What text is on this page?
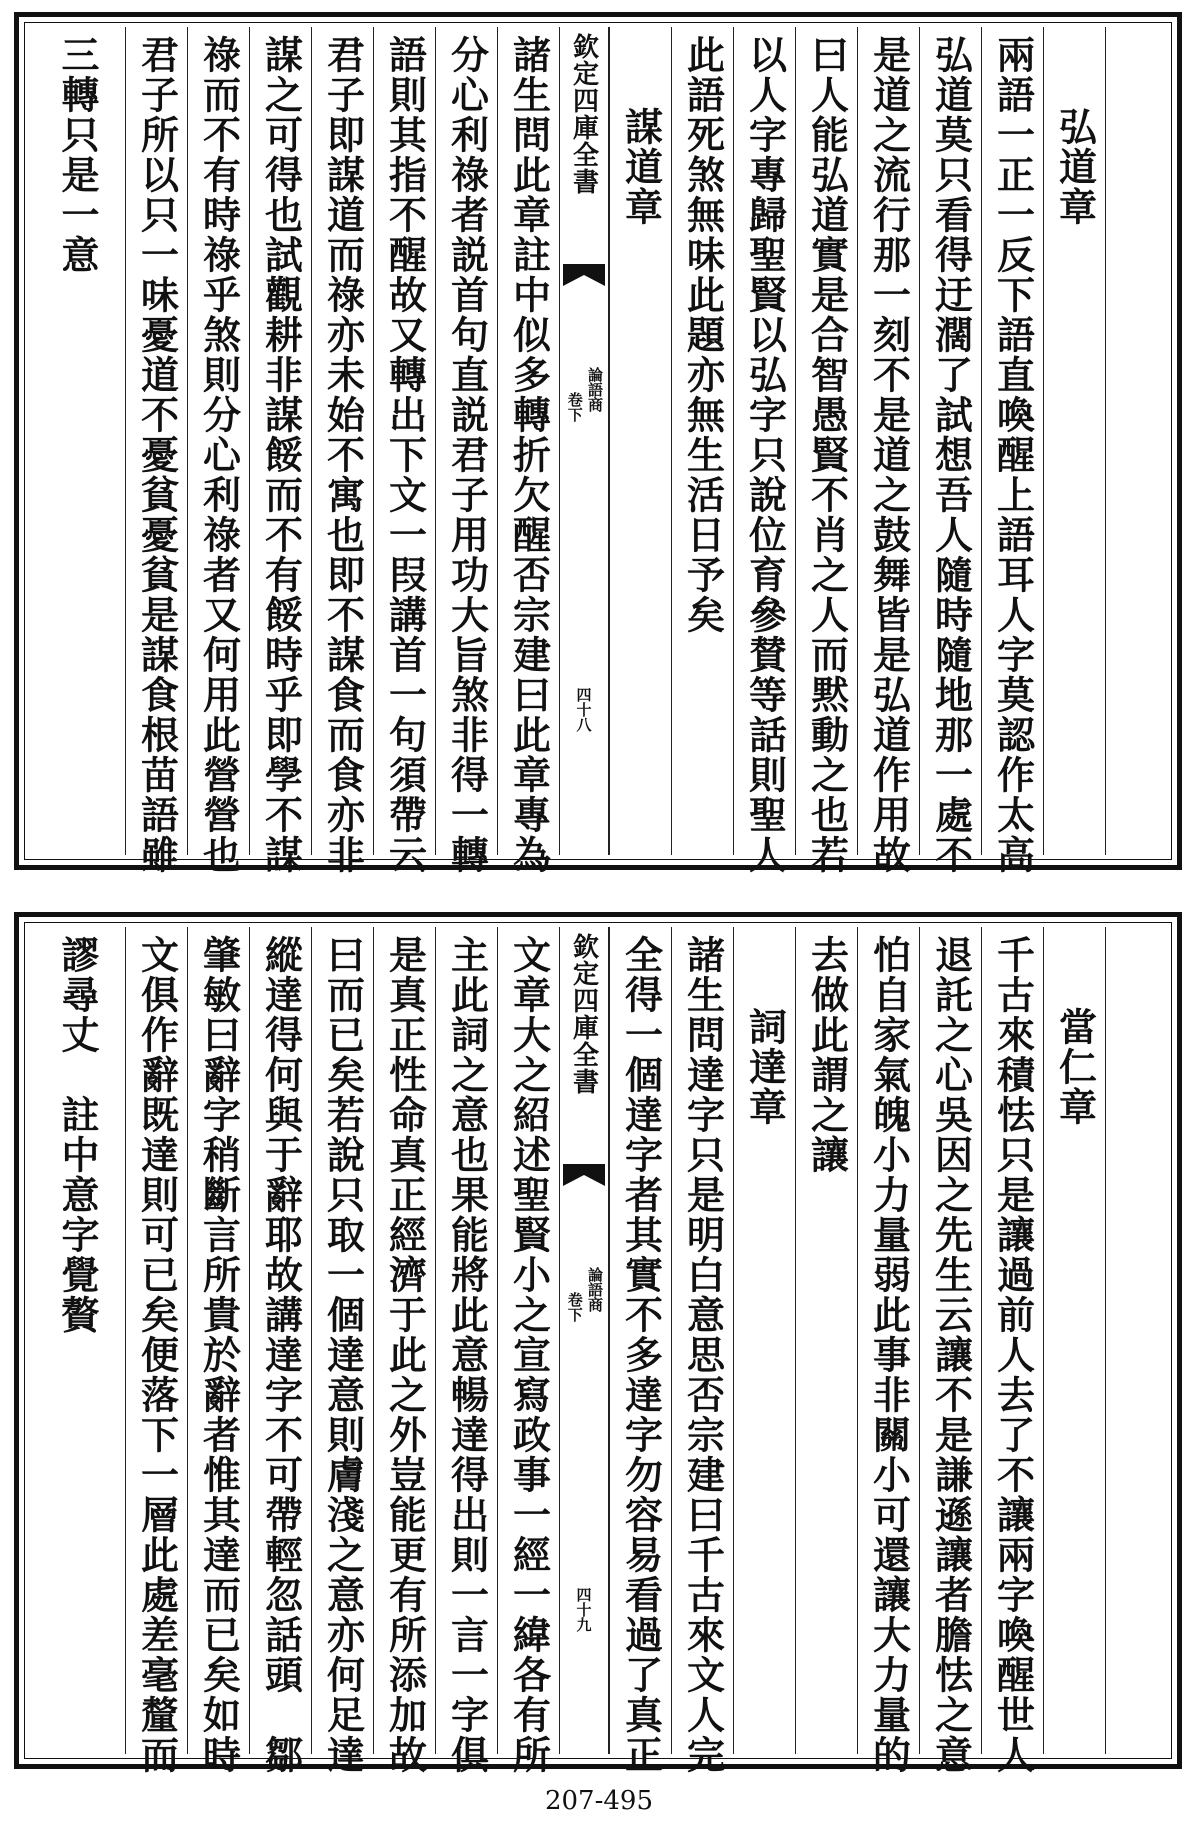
弘道章
兩語一正一反下語直喚醒上語耳人字莫認作太高
弘道莫只看得迂濶了試想吾人隨時隨地那一處不
是道之流行那一刻不是道之鼓舞皆是弘道作用故
曰人能弘道實是合智愚賢不肖之人而黙動之也若
以人字專歸聖賢以弘字只說位育參賛等話則聖人
此語死煞無味此題亦無生活日予矣
謀道章
欽定四庫全書
論語商
卷下
四十八
諸生問此章註中似多轉折欠醒否宗建曰此章專為
分心利祿者説首句直説君子用功大旨煞非得一轉
語則其指不醒故又轉出下文一叚講首一句須帶云
君子即謀道而祿亦未始不寓也即不謀食而食亦非
謀之可得也試觀耕非謀餒而不有餒時乎即學不謀
祿而不有時祿乎煞則分心利祿者又何用此營營也
君子所以只一味憂道不憂貧憂貧是謀食根苗語雖
三轉只是一意
當仁章
千古來積怯只是讓過前人去了不讓兩字喚醒世人
退託之心吳因之先生云讓不是謙遜讓者膽怯之意
怕自家氣魄小力量弱此事非關小可還讓大力量的
去做此謂之讓
詞達章
諸生問達字只是明白意思否宗建曰千古來文人完
全得一個達字者其實不多達字勿容易看過了真正
欽定四庫全書
論語商
卷下
四十九
文章大之紹述聖賢小之宣寫政事一經一緯各有所
主此詞之意也果能將此意暢達得出則一言一字俱
是真正性命真正經濟于此之外豈能更有所添加故
曰而已矣若說只取一個達意則膚淺之意亦何足達
縱達得何與于辭耶故講達字不可帶輕忽話頭　鄒
肇敏曰辭字稍斷言所貴於辭者惟其達而已矣如時
文俱作辭既達則可已矣便落下一層此處差毫釐而
謬尋丈　註中意字覺贅
207-495
